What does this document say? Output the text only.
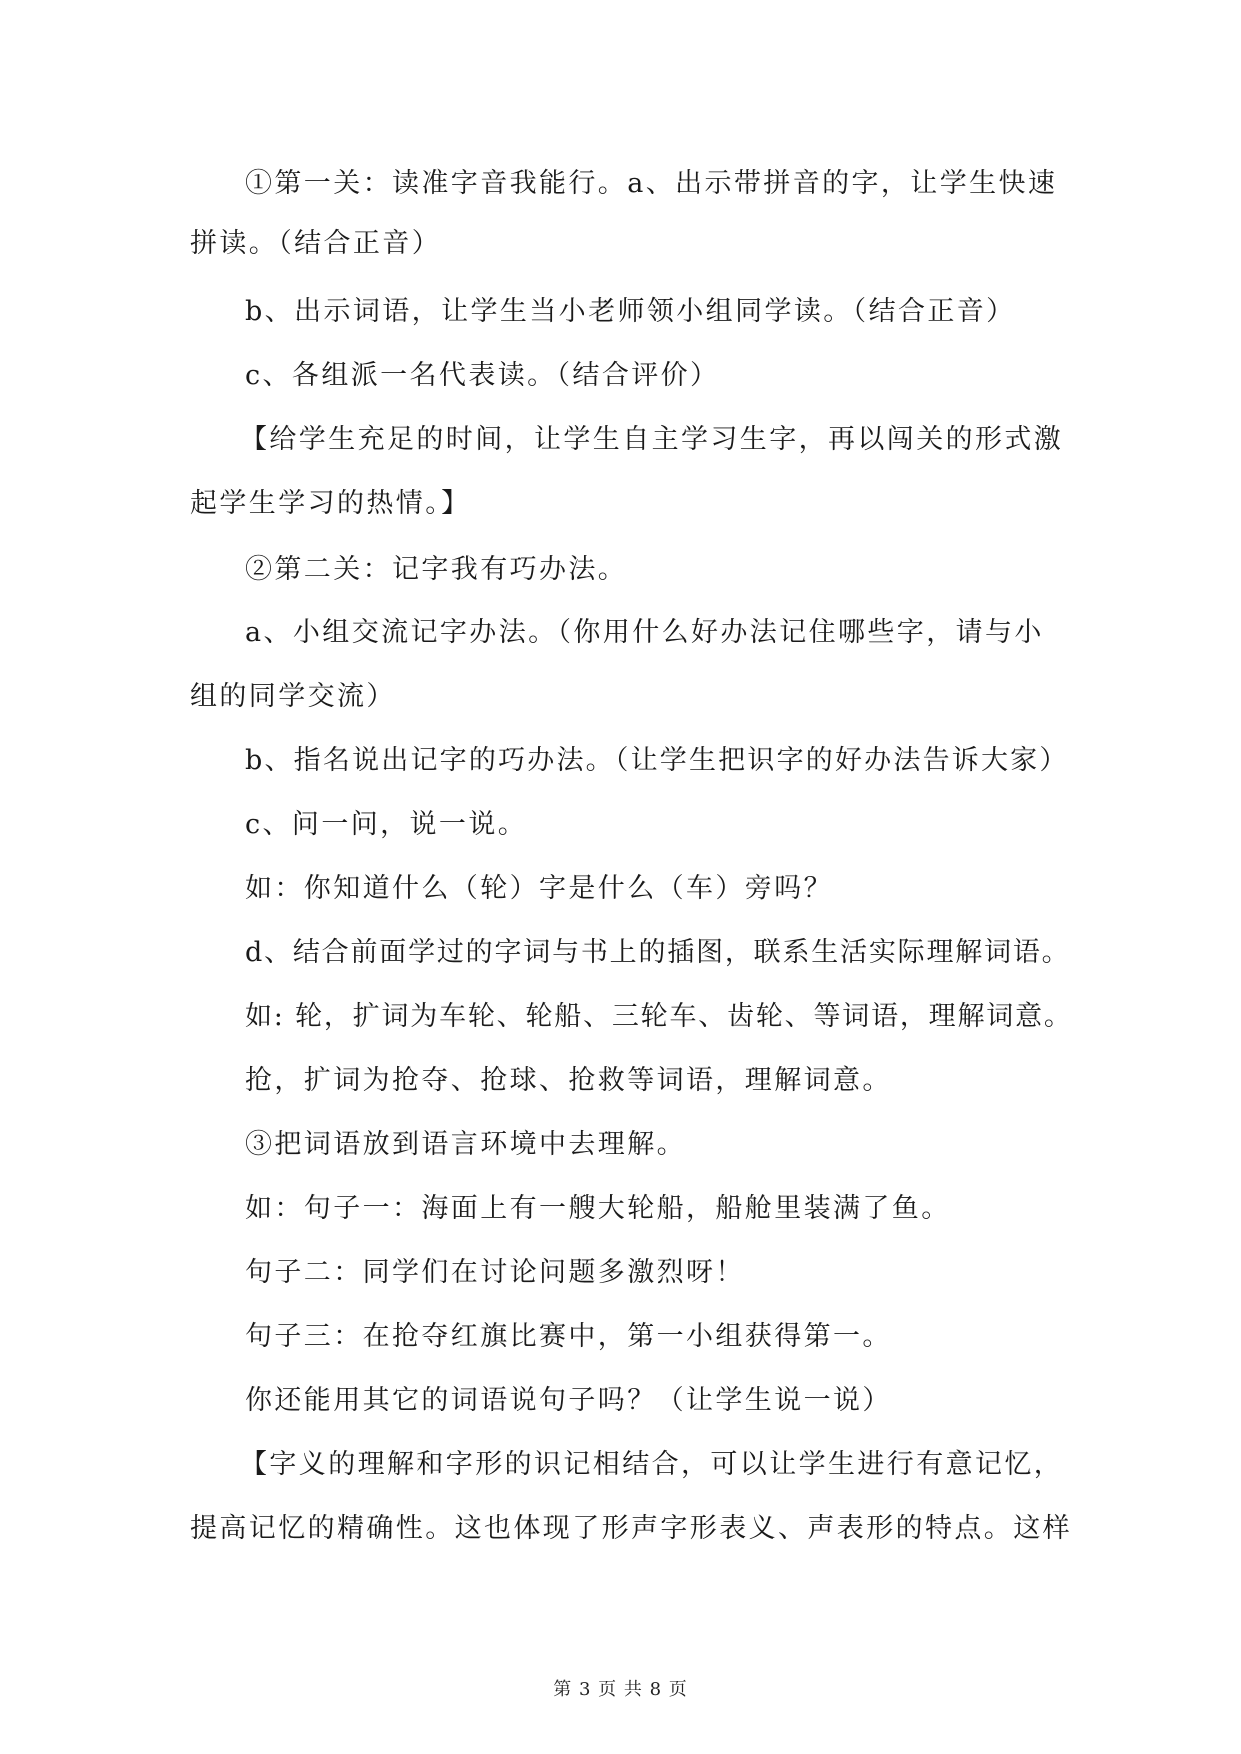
①第一关：读准字音我能行。a、出示带拼音的字，让学生快速
拼读。（结合正音）
b、出示词语，让学生当小老师领小组同学读。（结合正音）
c、各组派一名代表读。（结合评价）
【给学生充足的时间，让学生自主学习生字，再以闯关的形式激
起学生学习的热情。】
②第二关：记字我有巧办法。
a、小组交流记字办法。（你用什么好办法记住哪些字，请与小
组的同学交流）
b、指名说出记字的巧办法。（让学生把识字的好办法告诉大家）
c、问一问，说一说。
如：你知道什么（轮）字是什么（车）旁吗？
d、结合前面学过的字词与书上的插图，联系生活实际理解词语。
如: 轮，扩词为车轮、轮船、三轮车、齿轮、等词语，理解词意。
抢，扩词为抢夺、抢球、抢救等词语，理解词意。
③把词语放到语言环境中去理解。
如：句子一：海面上有一艘大轮船，船舱里装满了鱼。
句子二：同学们在讨论问题多激烈呀！
句子三：在抢夺红旗比赛中，第一小组获得第一。
你还能用其它的词语说句子吗？（让学生说一说）
【字义的理解和字形的识记相结合，可以让学生进行有意记忆，
提高记忆的精确性。这也体现了形声字形表义、声表形的特点。这样
第 3 页 共 8 页
